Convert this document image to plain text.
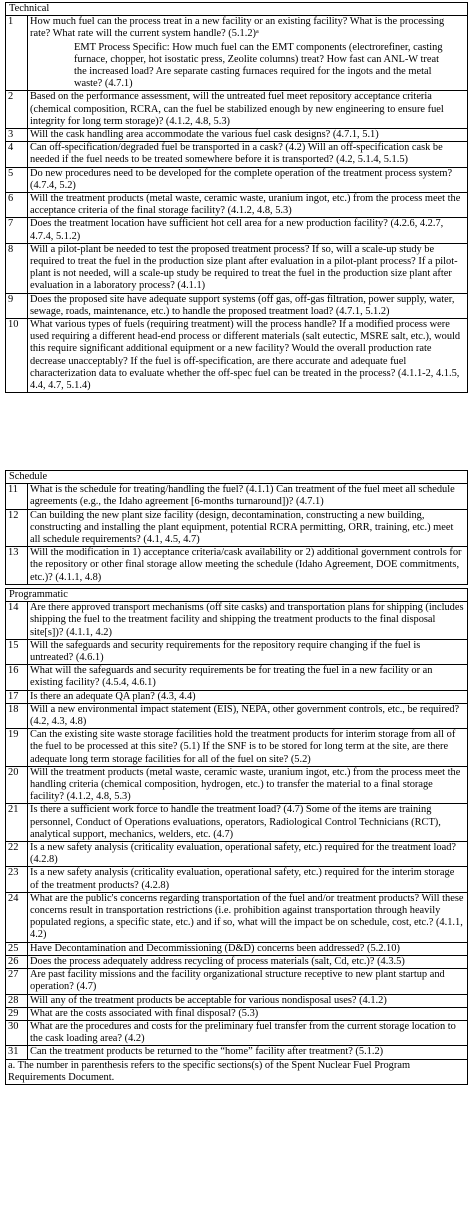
Technical	
1	How much fuel can the process treat in a new facility or an existing facility? What is the processing rate? What rate will the current system handle? (5.1.2)ᵃ
EMT Process Specific: How much fuel can the EMT components (electrorefiner, casting furnace, chopper, hot isostatic press, Zeolite columns) treat? How fast can ANL-W treat the increased load? Are separate casting furnaces required for the ingots and the metal waste? (4.7.1)

2	Based on the performance assessment, will the untreated fuel meet repository acceptance criteria (chemical composition, RCRA, can the fuel be stabilized enough by new engineering to ensure fuel integrity for long term storage)? (4.1.2, 4.8, 5.3)

3	Will the cask handling area accommodate the various fuel cask designs? (4.7.1, 5.1)

4	Can off-specification/degraded fuel be transported in a cask? (4.2) Will an off-specification cask be needed if the fuel needs to be treated somewhere before it is transported? (4.2, 5.1.4, 5.1.5)

5	Do new procedures need to be developed for the complete operation of the treatment process system? (4.7.4, 5.2)

6	Will the treatment products (metal waste, ceramic waste, uranium ingot, etc.) from the process meet the acceptance criteria of the final storage facility? (4.1.2, 4.8, 5.3)

7	Does the treatment location have sufficient hot cell area for a new production facility? (4.2.6, 4.2.7, 4.7.4, 5.1.2)

8	Will a pilot-plant be needed to test the proposed treatment process? If so, will a scale-up study be required to treat the fuel in the production size plant after evaluation in a pilot-plant process? If a pilot-plant is not needed, will a scale-up study be required to treat the fuel in the production size plant after evaluation in a laboratory process? (4.1.1)

9	Does the proposed site have adequate support systems (off gas, off-gas filtration, power supply, water, sewage, roads, maintenance, etc.) to handle the proposed treatment load? (4.7.1, 5.1.2)

10	What various types of fuels (requiring treatment) will the process handle? If a modified process were used requiring a different head-end process or different materials (salt eutectic, MSRE salt, etc.), would this require significant additional equipment or a new facility? Would the overall production rate decrease unacceptably? If the fuel is off-specification, are there accurate and adequate fuel characterization data to evaluate whether the off-spec fuel can be treated in the process? (4.1.1-2, 4.1.5, 4.4, 4.7, 5.1.4)
Schedule	
11	What is the schedule for treating/handling the fuel? (4.1.1) Can treatment of the fuel meet all schedule agreements (e.g., the Idaho agreement [6-months turnaround])? (4.7.1)

12	Can building the new plant size facility (design, decontamination, constructing a new building, constructing and installing the plant equipment, potential RCRA permitting, ORR, training, etc.) meet all schedule requirements? (4.1, 4.5, 4.7)

13	Will the modification in 1) acceptance criteria/cask availability or 2) additional government controls for the repository or other final storage allow meeting the schedule (Idaho Agreement, DOE commitments, etc.)? (4.1.1, 4.8)
Programmatic	
14	Are there approved transport mechanisms (off site casks) and transportation plans for shipping (includes shipping the fuel to the treatment facility and shipping the treatment products to the final disposal site[s])? (4.1.1, 4.2)

15	Will the safeguards and security requirements for the repository require changing if the fuel is untreated? (4.6.1)

16	What will the safeguards and security requirements be for treating the fuel in a new facility or an existing facility? (4.5.4, 4.6.1)

17	Is there an adequate QA plan? (4.3, 4.4)

18	Will a new environmental impact statement (EIS), NEPA, other government controls, etc., be required? (4.2, 4.3, 4.8)

19	Can the existing site waste storage facilities hold the treatment products for interim storage from all of the fuel to be processed at this site? (5.1) If the SNF is to be stored for long term at the site, are there adequate long term storage facilities for all of the fuel on site? (5.2)

20	Will the treatment products (metal waste, ceramic waste, uranium ingot, etc.) from the process meet the handling criteria (chemical composition, hydrogen, etc.) to transfer the material to a final storage facility? (4.1.2, 4.8, 5.3)

21	Is there a sufficient work force to handle the treatment load? (4.7) Some of the items are training personnel, Conduct of Operations evaluations, operators, Radiological Control Technicians (RCT), analytical support, mechanics, welders, etc. (4.7)

22	Is a new safety analysis (criticality evaluation, operational safety, etc.) required for the treatment load? (4.2.8)

23	Is a new safety analysis (criticality evaluation, operational safety, etc.) required for the interim storage of the treatment products? (4.2.8)

24	What are the public's concerns regarding transportation of the fuel and/or treatment products? Will these concerns result in transportation restrictions (i.e. prohibition against transportation through heavily populated regions, a specific state, etc.) and if so, what will the impact be on schedule, cost, etc.? (4.1.1, 4.2)

25	Have Decontamination and Decommissioning (D&D) concerns been addressed? (5.2.10)

26	Does the process adequately address recycling of process materials (salt, Cd, etc.)? (4.3.5)

27	Are past facility missions and the facility organizational structure receptive to new plant startup and operation? (4.7)

28	Will any of the treatment products be acceptable for various nondisposal uses? (4.1.2)

29	What are the costs associated with final disposal? (5.3)

30	What are the procedures and costs for the preliminary fuel transfer from the current storage location to the cask loading area? (4.2)

31	Can the treatment products be returned to the “home” facility after treatment? (5.1.2)

a. The number in parenthesis refers to the specific sections(s) of the Spent Nuclear Fuel Program Requirements Document.	
